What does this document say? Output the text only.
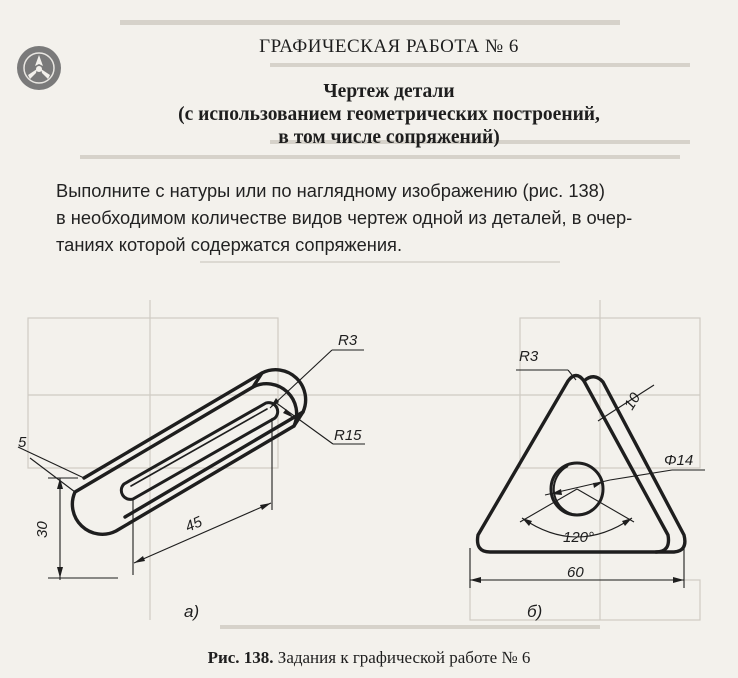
ГРАФИЧЕСКАЯ РАБОТА № 6
Чертеж детали
(с использованием геометрических построений,
в том числе сопряжений)
Выполните с натуры или по наглядному изображению (рис. 138)
в необходимом количестве видов чертеж одной из деталей, в очер-
таниях которой содержатся сопряжения.
R3
R15
5
30	45
а)
R3
10
Φ14
120°
60
б)
Рис. 138. Задания к графической работе № 6
